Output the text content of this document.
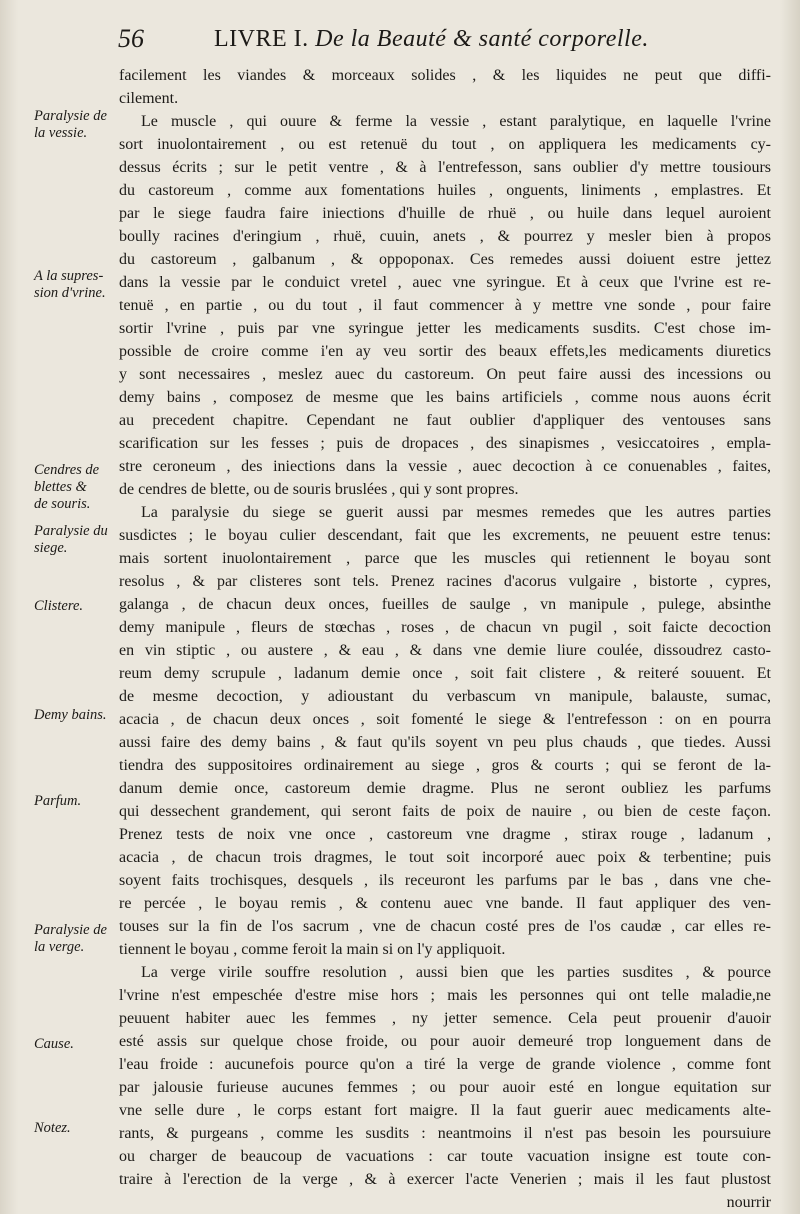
56	LIVRE I. De la Beauté & santé corporelle.
Paralysie de
la vessie.
A la supres-
sion d'vrine.
Cendres de
blettes &
de souris.
Paralysie du
siege.
Clistere.
Demy bains.
Parfum.
Paralysie de
la verge.
Cause.
Notez.
facilement les viandes & morceaux solides , & les liquides ne peut que diffi-
cilement.
Le muscle , qui ouure & ferme la vessie , estant paralytique, en laquelle l'vrine
sort inuolontairement , ou est retenuë du tout , on appliquera les medicaments cy-
dessus écrits ; sur le petit ventre , & à l'entrefesson, sans oublier d'y mettre tousiours
du castoreum , comme aux fomentations huiles , onguents, liniments , emplastres. Et
par le siege faudra faire iniections d'huille de rhuë , ou huile dans lequel auroient
boully racines d'eringium , rhuë, cuuin, anets , & pourrez y mesler bien à propos
du castoreum , galbanum , & oppoponax. Ces remedes aussi doiuent estre jettez
dans la vessie par le conduict vretel , auec vne syringue. Et à ceux que l'vrine est re-
tenuë , en partie , ou du tout , il faut commencer à y mettre vne sonde , pour faire
sortir l'vrine , puis par vne syringue jetter les medicaments susdits. C'est chose im-
possible de croire comme i'en ay veu sortir des beaux effets,les medicaments diuretics
y sont necessaires , meslez auec du castoreum. On peut faire aussi des incessions ou
demy bains , composez de mesme que les bains artificiels , comme nous auons écrit
au precedent chapitre. Cependant ne faut oublier d'appliquer des ventouses sans
scarification sur les fesses ; puis de dropaces , des sinapismes , vesiccatoires , empla-
stre ceroneum , des iniections dans la vessie , auec decoction à ce conuenables , faites,
de cendres de blette, ou de souris bruslées , qui y sont propres.
La paralysie du siege se guerit aussi par mesmes remedes que les autres parties
susdictes ; le boyau culier descendant, fait que les excrements, ne peuuent estre tenus:
mais sortent inuolontairement , parce que les muscles qui retiennent le boyau sont
resolus , & par clisteres sont tels. Prenez racines d'acorus vulgaire , bistorte , cypres,
galanga , de chacun deux onces, fueilles de saulge , vn manipule , pulege, absinthe
demy manipule , fleurs de stœchas , roses , de chacun vn pugil , soit faicte decoction
en vin stiptic , ou austere , & eau , & dans vne demie liure coulée, dissoudrez casto-
reum demy scrupule , ladanum demie once , soit fait clistere , & reiteré souuent. Et
de mesme decoction, y adioustant du verbascum vn manipule, balauste, sumac,
acacia , de chacun deux onces , soit fomenté le siege & l'entrefesson : on en pourra
aussi faire des demy bains , & faut qu'ils soyent vn peu plus chauds , que tiedes. Aussi
tiendra des suppositoires ordinairement au siege , gros & courts ; qui se feront de la-
danum demie once, castoreum demie dragme. Plus ne seront oubliez les parfums
qui dessechent grandement, qui seront faits de poix de nauire , ou bien de ceste façon.
Prenez tests de noix vne once , castoreum vne dragme , stirax rouge , ladanum ,
acacia , de chacun trois dragmes, le tout soit incorporé auec poix & terbentine; puis
soyent faits trochisques, desquels , ils receuront les parfums par le bas , dans vne che-
re percée , le boyau remis , & contenu auec vne bande. Il faut appliquer des ven-
touses sur la fin de l'os sacrum , vne de chacun costé pres de l'os caudæ , car elles re-
tiennent le boyau , comme feroit la main si on l'y appliquoit.
La verge virile souffre resolution , aussi bien que les parties susdites , & pource
l'vrine n'est empeschée d'estre mise hors ; mais les personnes qui ont telle maladie,ne
peuuent habiter auec les femmes , ny jetter semence. Cela peut prouenir d'auoir
esté assis sur quelque chose froide, ou pour auoir demeuré trop longuement dans de
l'eau froide : aucunefois pource qu'on a tiré la verge de grande violence , comme font
par jalousie furieuse aucunes femmes ; ou pour auoir esté en longue equitation sur
vne selle dure , le corps estant fort maigre. Il la faut guerir auec medicaments alte-
rants, & purgeans , comme les susdits : neantmoins il n'est pas besoin les poursuiure
ou charger de beaucoup de vacuations : car toute vacuation insigne est toute con-
traire à l'erection de la verge , & à exercer l'acte Venerien ; mais il les faut plustost
nourrir
